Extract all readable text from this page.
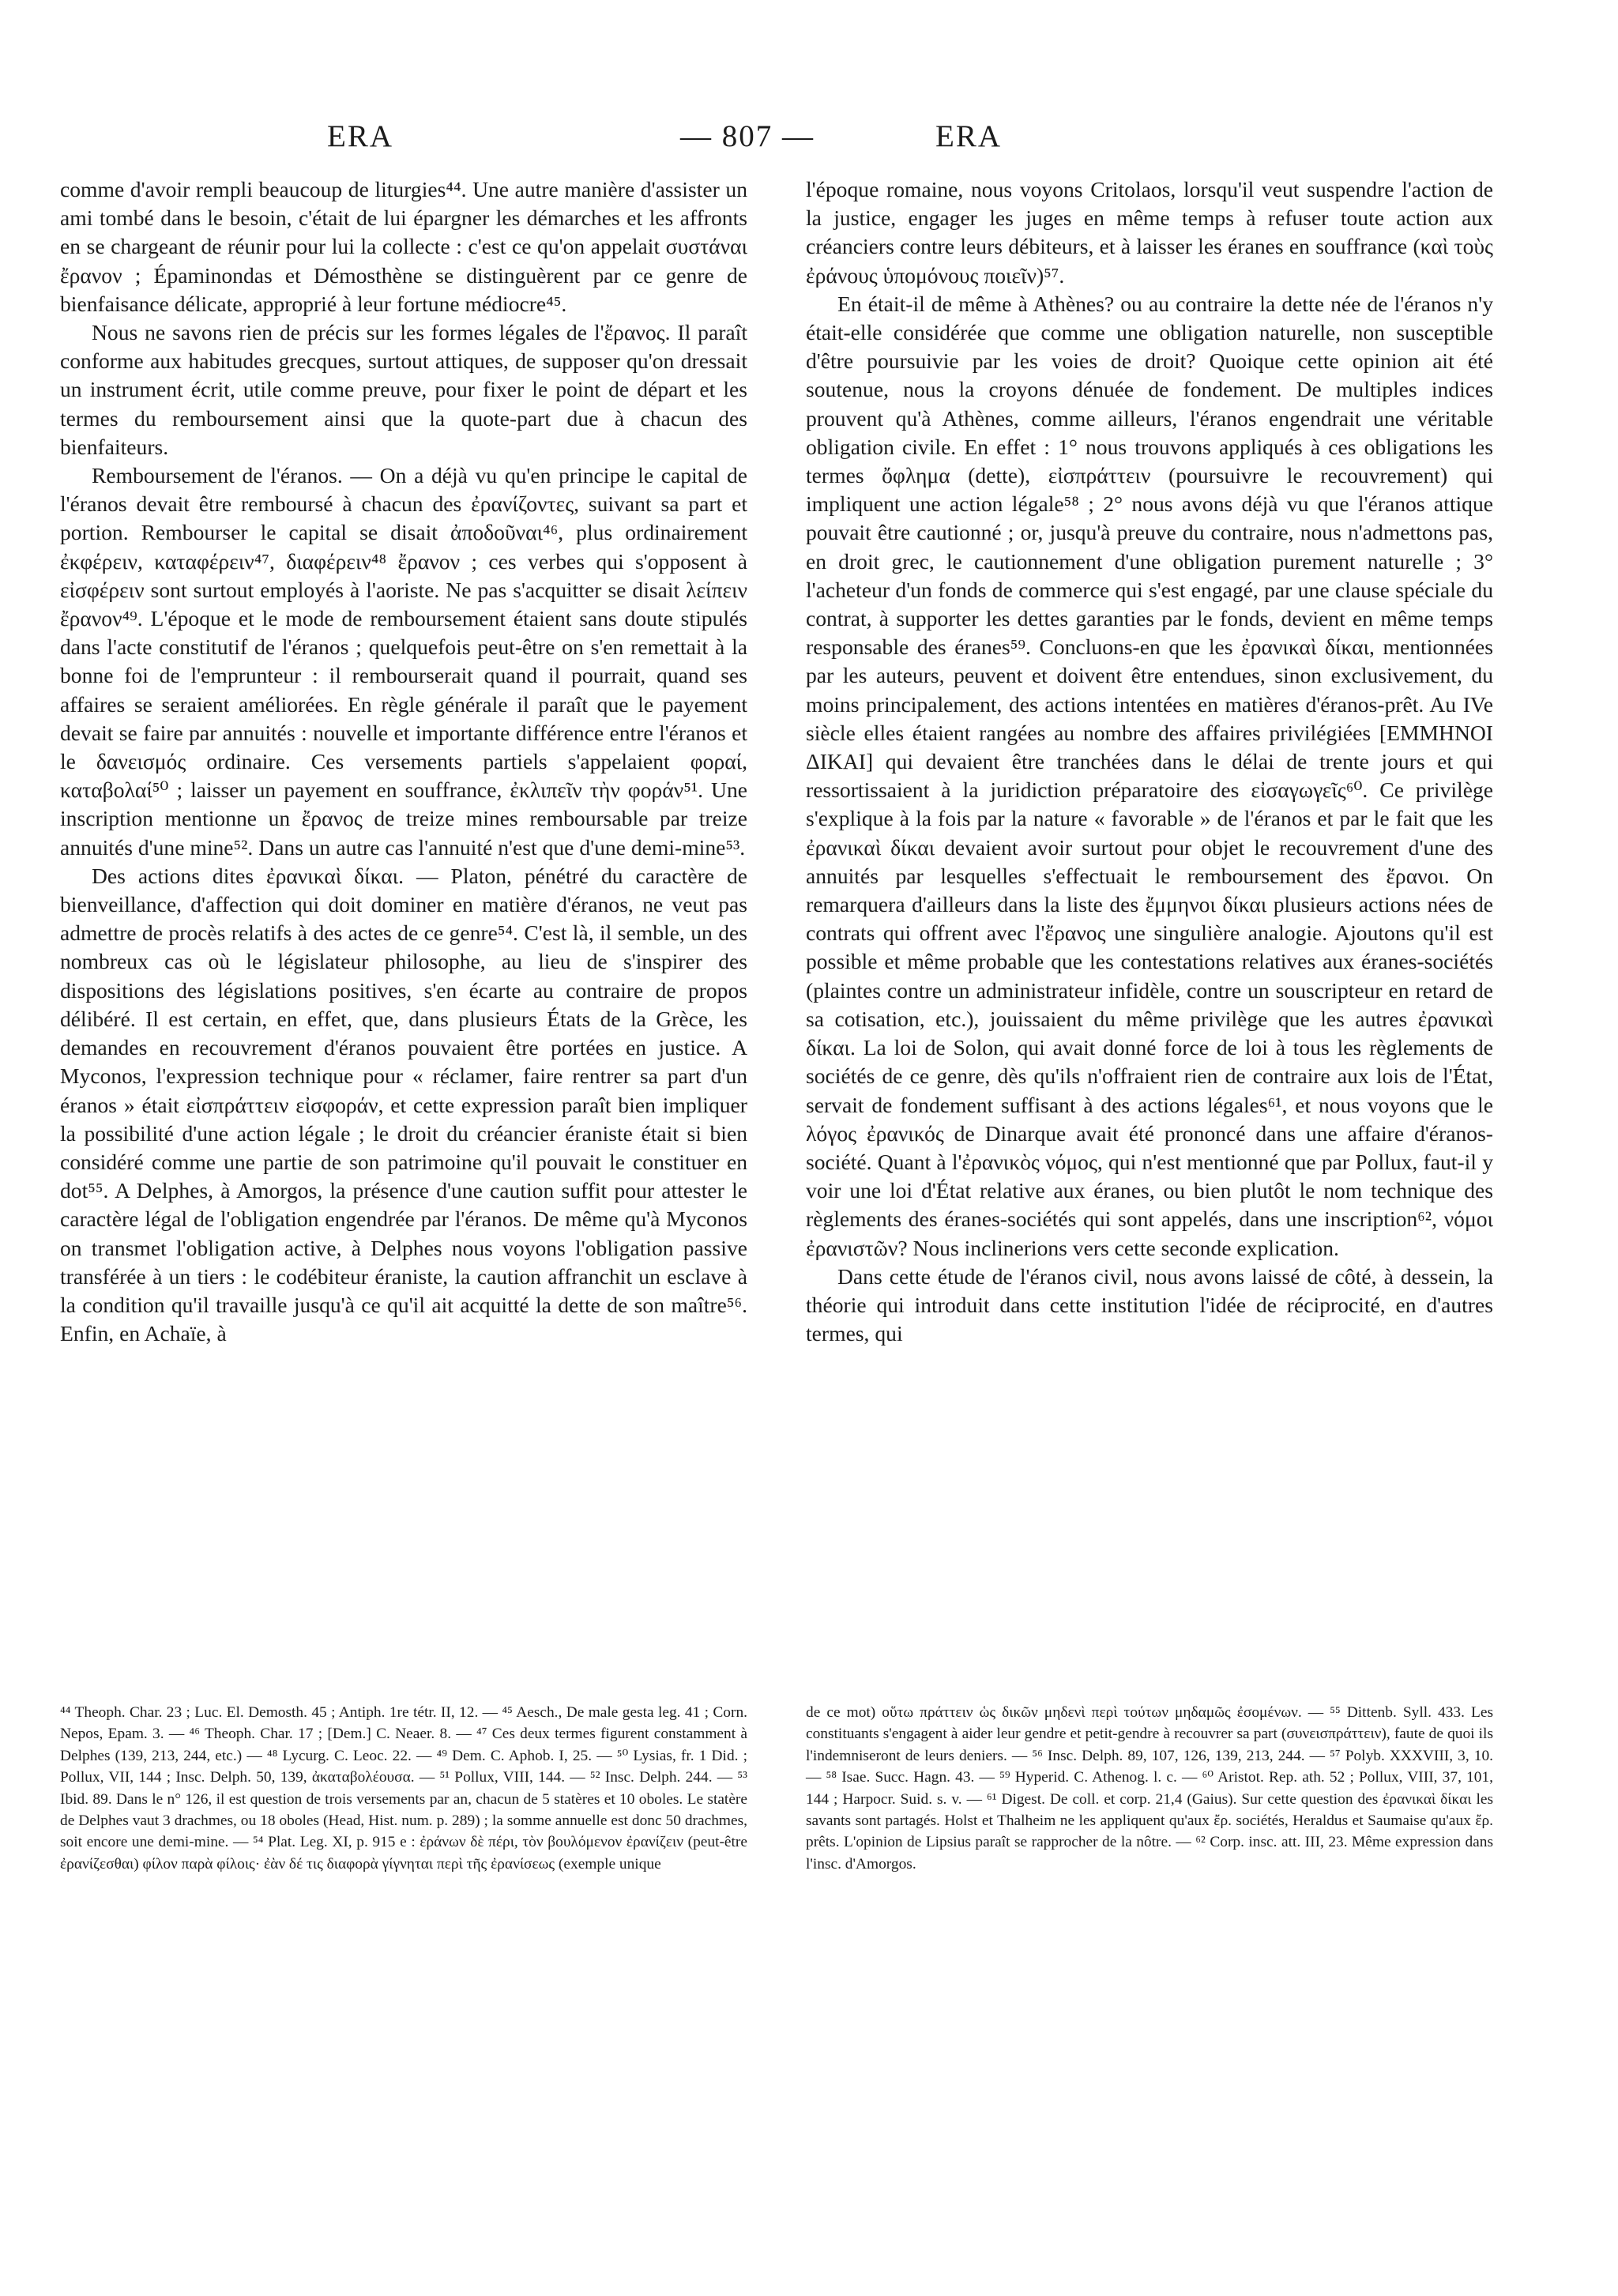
ERA	— 807 —	ERA

comme d'avoir rempli beaucoup de liturgies⁴⁴. Une autre manière d'assister un ami tombé dans le besoin, c'était de lui épargner les démarches et les affronts en se chargeant de réunir pour lui la collecte : c'est ce qu'on appelait συστάναι ἔρανον ; Épaminondas et Démosthène se distinguèrent par ce genre de bienfaisance délicate, approprié à leur fortune médiocre⁴⁵.

Nous ne savons rien de précis sur les formes légales de l'ἔρανος. Il paraît conforme aux habitudes grecques, surtout attiques, de supposer qu'on dressait un instrument écrit, utile comme preuve, pour fixer le point de départ et les termes du remboursement ainsi que la quote-part due à chacun des bienfaiteurs.

Remboursement de l'éranos. — On a déjà vu qu'en principe le capital de l'éranos devait être remboursé à chacun des ἐρανίζοντες, suivant sa part et portion. Rembourser le capital se disait ἀποδοῦναι⁴⁶, plus ordinairement ἐκφέρειν, καταφέρειν⁴⁷, διαφέρειν⁴⁸ ἔρανον ; ces verbes qui s'opposent à εἰσφέρειν sont surtout employés à l'aoriste. Ne pas s'acquitter se disait λείπειν ἔρανον⁴⁹. L'époque et le mode de remboursement étaient sans doute stipulés dans l'acte constitutif de l'éranos ; quelquefois peut-être on s'en remettait à la bonne foi de l'emprunteur : il rembourserait quand il pourrait, quand ses affaires se seraient améliorées. En règle générale il paraît que le payement devait se faire par annuités : nouvelle et importante différence entre l'éranos et le δανεισμός ordinaire. Ces versements partiels s'appelaient φοραί, καταβολαί⁵⁰ ; laisser un payement en souffrance, ἐκλιπεῖν τὴν φοράν⁵¹. Une inscription mentionne un ἔρανος de treize mines remboursable par treize annuités d'une mine⁵². Dans un autre cas l'annuité n'est que d'une demi-mine⁵³.

Des actions dites ἐρανικαὶ δίκαι. — Platon, pénétré du caractère de bienveillance, d'affection qui doit dominer en matière d'éranos, ne veut pas admettre de procès relatifs à des actes de ce genre⁵⁴. C'est là, il semble, un des nombreux cas où le législateur philosophe, au lieu de s'inspirer des dispositions des législations positives, s'en écarte au contraire de propos délibéré. Il est certain, en effet, que, dans plusieurs États de la Grèce, les demandes en recouvrement d'éranos pouvaient être portées en justice. A Myconos, l'expression technique pour « réclamer, faire rentrer sa part d'un éranos » était εἰσπράττειν εἰσφοράν, et cette expression paraît bien impliquer la possibilité d'une action légale ; le droit du créancier éraniste était si bien considéré comme une partie de son patrimoine qu'il pouvait le constituer en dot⁵⁵. A Delphes, à Amorgos, la présence d'une caution suffit pour attester le caractère légal de l'obligation engendrée par l'éranos. De même qu'à Myconos on transmet l'obligation active, à Delphes nous voyons l'obligation passive transférée à un tiers : le codébiteur éraniste, la caution affranchit un esclave à la condition qu'il travaille jusqu'à ce qu'il ait acquitté la dette de son maître⁵⁶. Enfin, en Achaïe, à

l'époque romaine, nous voyons Critolaos, lorsqu'il veut suspendre l'action de la justice, engager les juges en même temps à refuser toute action aux créanciers contre leurs débiteurs, et à laisser les éranes en souffrance (καὶ τοὺς ἐράνους ὑπομόνους ποιεῖν)⁵⁷.

En était-il de même à Athènes? ou au contraire la dette née de l'éranos n'y était-elle considérée que comme une obligation naturelle, non susceptible d'être poursuivie par les voies de droit? Quoique cette opinion ait été soutenue, nous la croyons dénuée de fondement. De multiples indices prouvent qu'à Athènes, comme ailleurs, l'éranos engendrait une véritable obligation civile. En effet : 1° nous trouvons appliqués à ces obligations les termes ὄφλημα (dette), εἰσπράττειν (poursuivre le recouvrement) qui impliquent une action légale⁵⁸ ; 2° nous avons déjà vu que l'éranos attique pouvait être cautionné ; or, jusqu'à preuve du contraire, nous n'admettons pas, en droit grec, le cautionnement d'une obligation purement naturelle ; 3° l'acheteur d'un fonds de commerce qui s'est engagé, par une clause spéciale du contrat, à supporter les dettes garanties par le fonds, devient en même temps responsable des éranes⁵⁹. Concluons-en que les ἐρανικαὶ δίκαι, mentionnées par les auteurs, peuvent et doivent être entendues, sinon exclusivement, du moins principalement, des actions intentées en matières d'éranos-prêt. Au IVe siècle elles étaient rangées au nombre des affaires privilégiées [ΕΜΜΗΝΟΙ ΔΙΚΑΙ] qui devaient être tranchées dans le délai de trente jours et qui ressortissaient à la juridiction préparatoire des εἰσαγωγεῖς⁶⁰. Ce privilège s'explique à la fois par la nature « favorable » de l'éranos et par le fait que les ἐρανικαὶ δίκαι devaient avoir surtout pour objet le recouvrement d'une des annuités par lesquelles s'effectuait le remboursement des ἔρανοι. On remarquera d'ailleurs dans la liste des ἔμμηνοι δίκαι plusieurs actions nées de contrats qui offrent avec l'ἔρανος une singulière analogie. Ajoutons qu'il est possible et même probable que les contestations relatives aux éranes-sociétés (plaintes contre un administrateur infidèle, contre un souscripteur en retard de sa cotisation, etc.), jouissaient du même privilège que les autres ἐρανικαὶ δίκαι. La loi de Solon, qui avait donné force de loi à tous les règlements de sociétés de ce genre, dès qu'ils n'offraient rien de contraire aux lois de l'État, servait de fondement suffisant à des actions légales⁶¹, et nous voyons que le λόγος ἐρανικός de Dinarque avait été prononcé dans une affaire d'éranos-société. Quant à l'ἐρανικὸς νόμος, qui n'est mentionné que par Pollux, faut-il y voir une loi d'État relative aux éranes, ou bien plutôt le nom technique des règlements des éranes-sociétés qui sont appelés, dans une inscription⁶², νόμοι ἐρανιστῶν? Nous inclinerions vers cette seconde explication.

Dans cette étude de l'éranos civil, nous avons laissé de côté, à dessein, la théorie qui introduit dans cette institution l'idée de réciprocité, en d'autres termes, qui

⁴⁴ Theoph. Char. 23 ; Luc. El. Demosth. 45 ; Antiph. 1re tétr. II, 12. — ⁴⁵ Aesch., De male gesta leg. 41 ; Corn. Nepos, Epam. 3. — ⁴⁶ Theoph. Char. 17 ; [Dem.] C. Neaer. 8. — ⁴⁷ Ces deux termes figurent constamment à Delphes (139, 213, 244, etc.) — ⁴⁸ Lycurg. C. Leoc. 22. — ⁴⁹ Dem. C. Aphob. I, 25. — ⁵⁰ Lysias, fr. 1 Did. ; Pollux, VII, 144 ; Insc. Delph. 50, 139, ἀκαταβολέουσα. — ⁵¹ Pollux, VIII, 144. — ⁵² Insc. Delph. 244. — ⁵³ Ibid. 89. Dans le n° 126, il est question de trois versements par an, chacun de 5 statères et 10 oboles. Le statère de Delphes vaut 3 drachmes, ou 18 oboles (Head, Hist. num. p. 289) ; la somme annuelle est donc 50 drachmes, soit encore une demi-mine. — ⁵⁴ Plat. Leg. XI, p. 915 e : ἐράνων δὲ πέρι, τὸν βουλόμενον ἐρανίζειν (peut-être ἐρανίζεσθαι) φίλον παρὰ φίλοις· ἐὰν δέ τις διαφορὰ γίγνηται περὶ τῆς ἐρανίσεως (exemple unique

de ce mot) οὕτω πράττειν ὡς δικῶν μηδενὶ περὶ τούτων μηδαμῶς ἐσομένων. — ⁵⁵ Dittenb. Syll. 433. Les constituants s'engagent à aider leur gendre et petit-gendre à recouvrer sa part (συνεισπράττειν), faute de quoi ils l'indemniseront de leurs deniers. — ⁵⁶ Insc. Delph. 89, 107, 126, 139, 213, 244. — ⁵⁷ Polyb. XXXVIII, 3, 10. — ⁵⁸ Isae. Succ. Hagn. 43. — ⁵⁹ Hyperid. C. Athenog. l. c. — ⁶⁰ Aristot. Rep. ath. 52 ; Pollux, VIII, 37, 101, 144 ; Harpocr. Suid. s. v. — ⁶¹ Digest. De coll. et corp. 21,4 (Gaius). Sur cette question des ἐρανικαὶ δίκαι les savants sont partagés. Holst et Thalheim ne les appliquent qu'aux ἔρ. sociétés, Heraldus et Saumaise qu'aux ἔρ. prêts. L'opinion de Lipsius paraît se rapprocher de la nôtre. — ⁶² Corp. insc. att. III, 23. Même expression dans l'insc. d'Amorgos.
